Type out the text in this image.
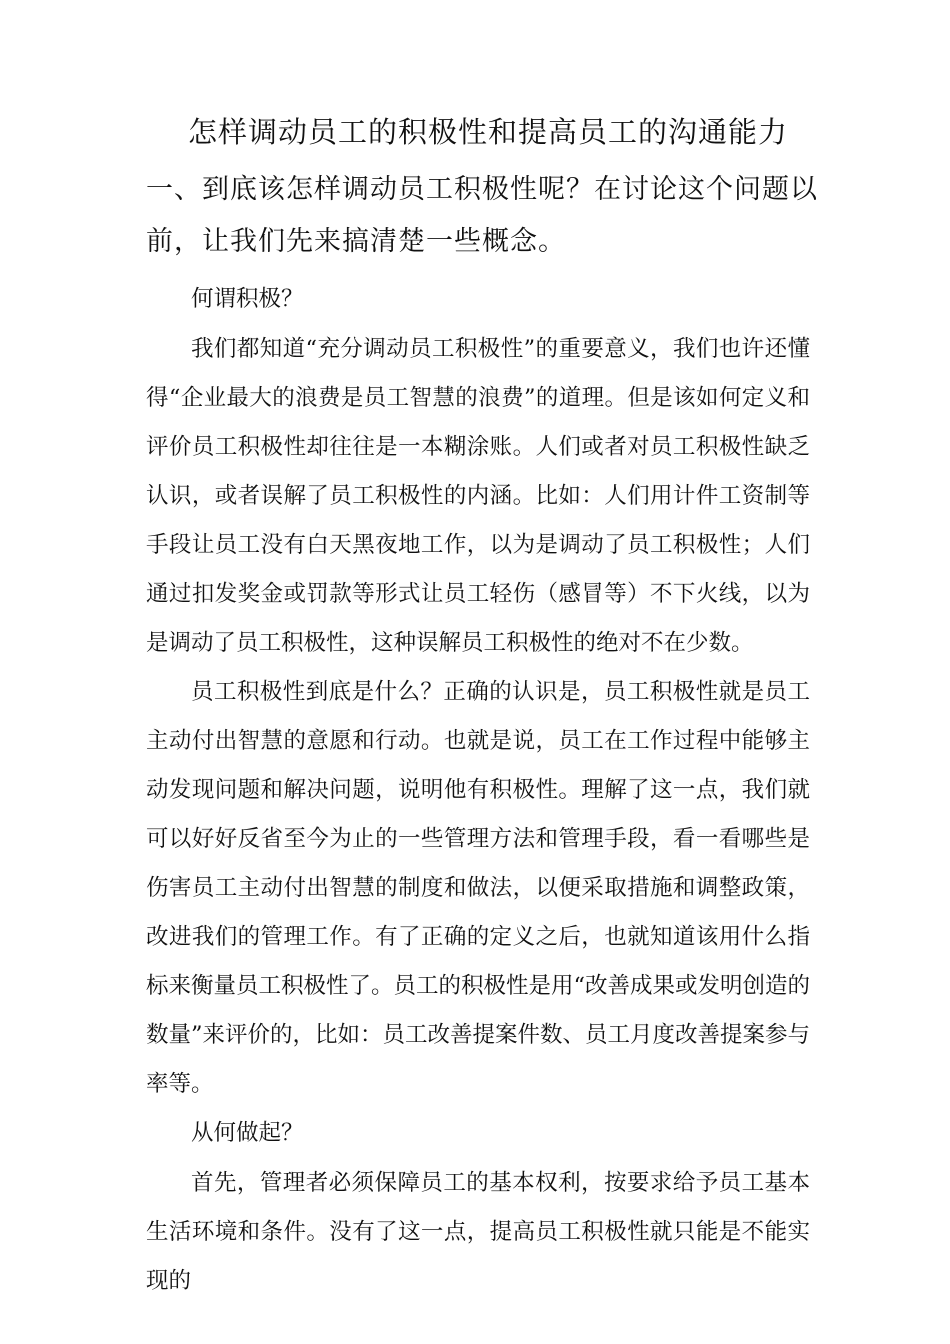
怎样调动员工的积极性和提高员工的沟通能力
一、到底该怎样调动员工积极性呢？在讨论这个问题以前，让我们先来搞清楚一些概念。

何谓积极？

我们都知道“充分调动员工积极性”的重要意义，我们也许还懂得“企业最大的浪费是员工智慧的浪费”的道理。但是该如何定义和评价员工积极性却往往是一本糊涂账。人们或者对员工积极性缺乏认识，或者误解了员工积极性的内涵。比如：人们用计件工资制等手段让员工没有白天黑夜地工作，以为是调动了员工积极性；人们通过扣发奖金或罚款等形式让员工轻伤（感冒等）不下火线，以为是调动了员工积极性，这种误解员工积极性的绝对不在少数。

员工积极性到底是什么？正确的认识是，员工积极性就是员工主动付出智慧的意愿和行动。也就是说，员工在工作过程中能够主动发现问题和解决问题，说明他有积极性。理解了这一点，我们就可以好好反省至今为止的一些管理方法和管理手段，看一看哪些是伤害员工主动付出智慧的制度和做法，以便采取措施和调整政策，改进我们的管理工作。有了正确的定义之后，也就知道该用什么指标来衡量员工积极性了。员工的积极性是用“改善成果或发明创造的数量”来评价的，比如：员工改善提案件数、员工月度改善提案参与率等。

从何做起？

首先，管理者必须保障员工的基本权利，按要求给予员工基本生活环境和条件。没有了这一点，提高员工积极性就只能是不能实现的
